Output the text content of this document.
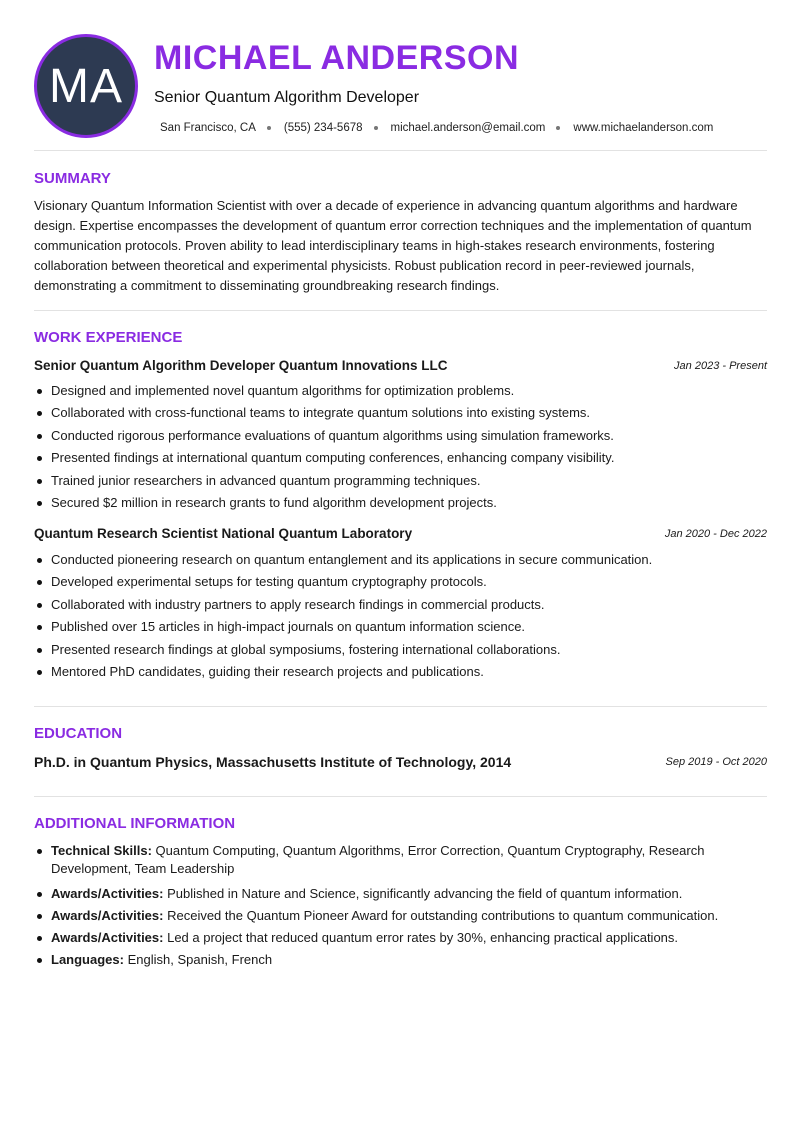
MA
MICHAEL ANDERSON
Senior Quantum Algorithm Developer
San Francisco, CA (555) 234-5678 michael.anderson@email.com www.michaelanderson.com
SUMMARY
Visionary Quantum Information Scientist with over a decade of experience in advancing quantum algorithms and hardware design. Expertise encompasses the development of quantum error correction techniques and the implementation of quantum communication protocols. Proven ability to lead interdisciplinary teams in high-stakes research environments, fostering collaboration between theoretical and experimental physicists. Robust publication record in peer-reviewed journals, demonstrating a commitment to disseminating groundbreaking research findings.
WORK EXPERIENCE
Senior Quantum Algorithm Developer Quantum Innovations LLC	Jan 2023 - Present
Designed and implemented novel quantum algorithms for optimization problems.
Collaborated with cross-functional teams to integrate quantum solutions into existing systems.
Conducted rigorous performance evaluations of quantum algorithms using simulation frameworks.
Presented findings at international quantum computing conferences, enhancing company visibility.
Trained junior researchers in advanced quantum programming techniques.
Secured $2 million in research grants to fund algorithm development projects.
Quantum Research Scientist National Quantum Laboratory	Jan 2020 - Dec 2022
Conducted pioneering research on quantum entanglement and its applications in secure communication.
Developed experimental setups for testing quantum cryptography protocols.
Collaborated with industry partners to apply research findings in commercial products.
Published over 15 articles in high-impact journals on quantum information science.
Presented research findings at global symposiums, fostering international collaborations.
Mentored PhD candidates, guiding their research projects and publications.
EDUCATION
Ph.D. in Quantum Physics, Massachusetts Institute of Technology, 2014	Sep 2019 - Oct 2020
ADDITIONAL INFORMATION
Technical Skills: Quantum Computing, Quantum Algorithms, Error Correction, Quantum Cryptography, Research Development, Team Leadership
Awards/Activities: Published in Nature and Science, significantly advancing the field of quantum information.
Awards/Activities: Received the Quantum Pioneer Award for outstanding contributions to quantum communication.
Awards/Activities: Led a project that reduced quantum error rates by 30%, enhancing practical applications.
Languages: English, Spanish, French
